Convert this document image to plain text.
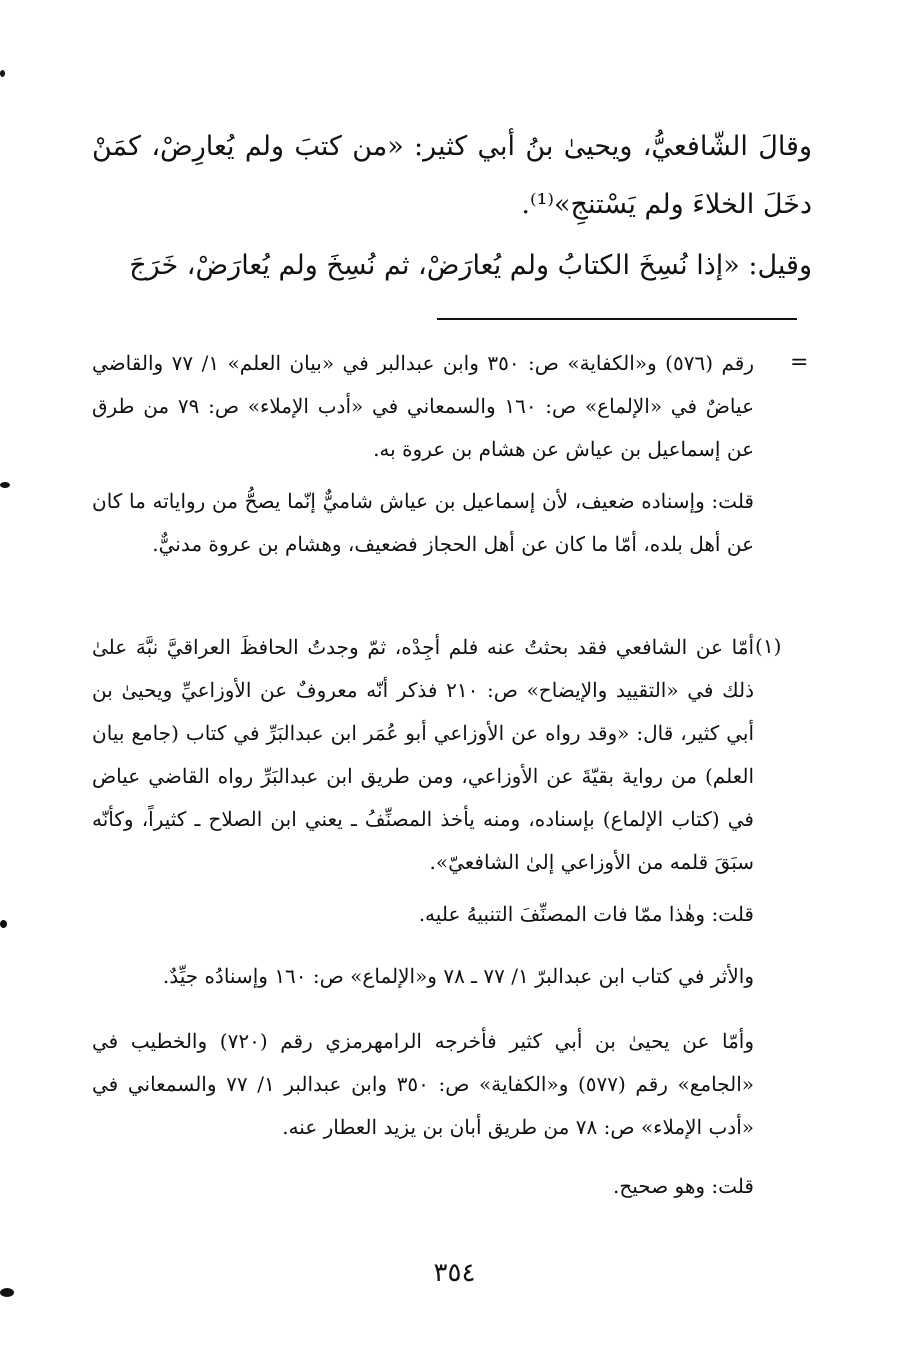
وقالَ الشّافعيُّ، ويحيىٰ بنُ أبي كثير: «من كتبَ ولم يُعارِضْ، كمَنْ دخَلَ الخلاءَ ولم يَسْتنجِ»⁽¹⁾.

وقيل: «إذا نُسِخَ الكتابُ ولم يُعارَضْ، ثم نُسِخَ ولم يُعارَضْ، خَرَجَ

=

رقم (٥٧٦) و«الكفاية» ص: ٣٥٠ وابن عبدالبر في «بيان العلم» ١/ ٧٧ والقاضي عياضٌ في «الإلماع» ص: ١٦٠ والسمعاني في «أدب الإملاء» ص: ٧٩ من طرق عن إسماعيل بن عياش عن هشام بن عروة به.

قلت: وإسناده ضعيف، لأن إسماعيل بن عياش شاميٌّ إنّما يصحُّ من رواياته ما كان عن أهل بلده، أمّا ما كان عن أهل الحجاز فضعيف، وهشام بن عروة مدنيٌّ.

(١)

أمّا عن الشافعي فقد بحثتُ عنه فلم أجِدْه، ثمّ وجدتُ الحافظَ العراقيَّ نبَّهَ علىٰ ذلك في «التقييد والإيضاح» ص: ٢١٠ فذكر أنّه معروفٌ عن الأوزاعيِّ ويحيىٰ بن أبي كثير، قال: «وقد رواه عن الأوزاعي أبو عُمَر ابن عبدالبَرِّ في كتاب (جامع بيان العلم) من رواية بقيّةَ عن الأوزاعي، ومن طريق ابن عبدالبَرِّ رواه القاضي عياض في (كتاب الإلماع) بإسناده، ومنه يأخذ المصنِّفُ ـ يعني ابن الصلاح ـ كثيراً، وكأنّه سبَقَ قلمه من الأوزاعي إلىٰ الشافعيّ».

قلت: وهٰذا ممّا فات المصنِّفَ التنبيهُ عليه.

والأثر في كتاب ابن عبدالبرّ ١/ ٧٧ ـ ٧٨ و«الإلماع» ص: ١٦٠ وإسنادُه جيِّدٌ.

وأمّا عن يحيىٰ بن أبي كثير فأخرجه الرامهرمزي رقم (٧٢٠) والخطيب في «الجامع» رقم (٥٧٧) و«الكفاية» ص: ٣٥٠ وابن عبدالبر ١/ ٧٧ والسمعاني في «أدب الإملاء» ص: ٧٨ من طريق أبان بن يزيد العطار عنه.

قلت: وهو صحيح.

٣٥٤
